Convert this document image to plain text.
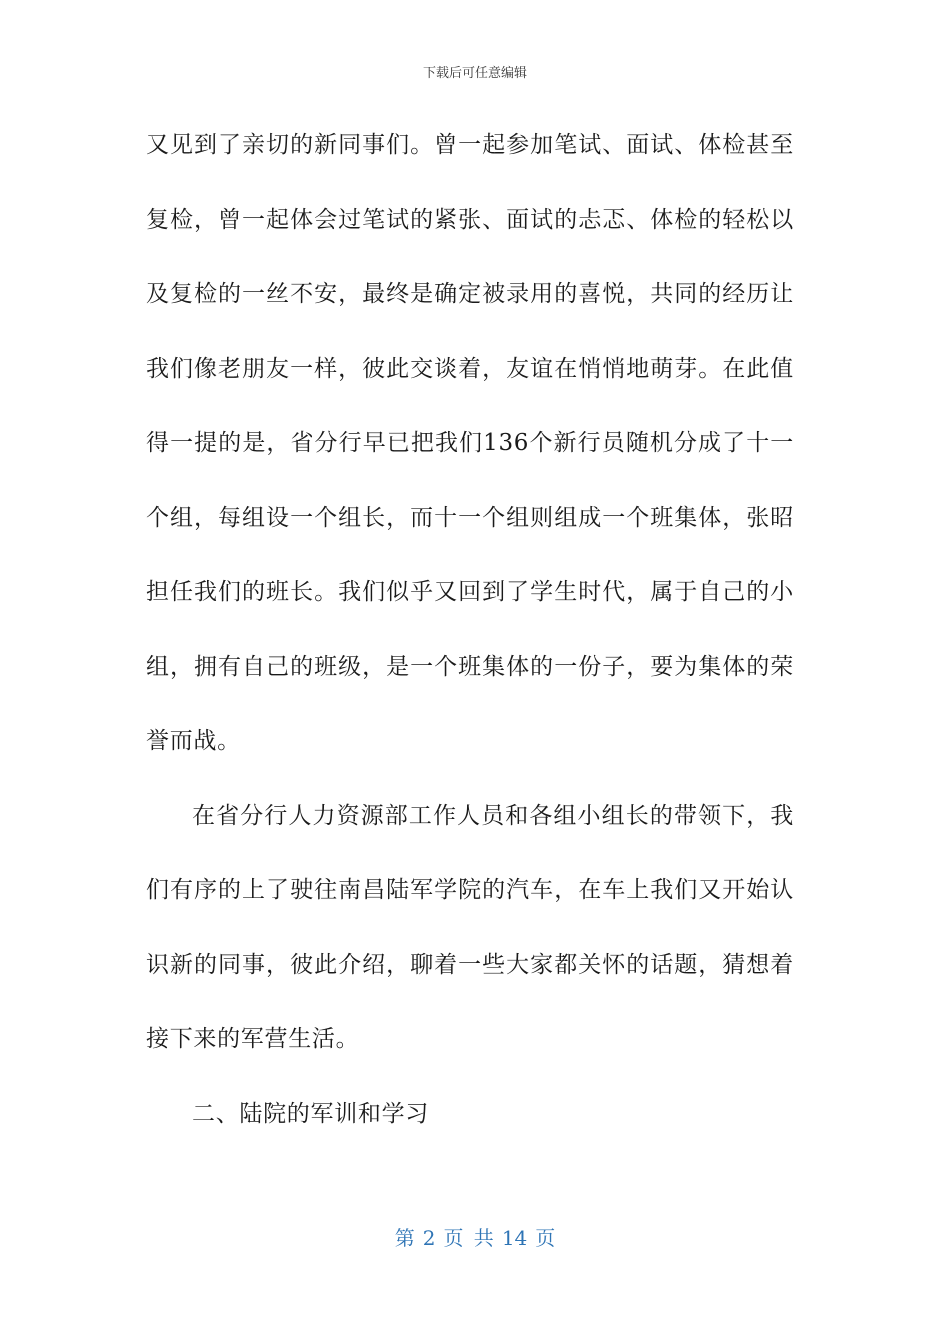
下载后可任意编辑
又见到了亲切的新同事们。曾一起参加笔试、面试、体检甚至
复检，曾一起体会过笔试的紧张、面试的忐忑、体检的轻松以
及复检的一丝不安，最终是确定被录用的喜悦，共同的经历让
我们像老朋友一样，彼此交谈着，友谊在悄悄地萌芽。在此值
得一提的是，省分行早已把我们136个新行员随机分成了十一
个组，每组设一个组长，而十一个组则组成一个班集体，张昭
担任我们的班长。我们似乎又回到了学生时代，属于自己的小
组，拥有自己的班级，是一个班集体的一份子，要为集体的荣
誉而战。
在省分行人力资源部工作人员和各组小组长的带领下，我
们有序的上了驶往南昌陆军学院的汽车，在车上我们又开始认
识新的同事，彼此介绍，聊着一些大家都关怀的话题，猜想着
接下来的军营生活。
二、陆院的军训和学习
第 2 页 共 14 页
